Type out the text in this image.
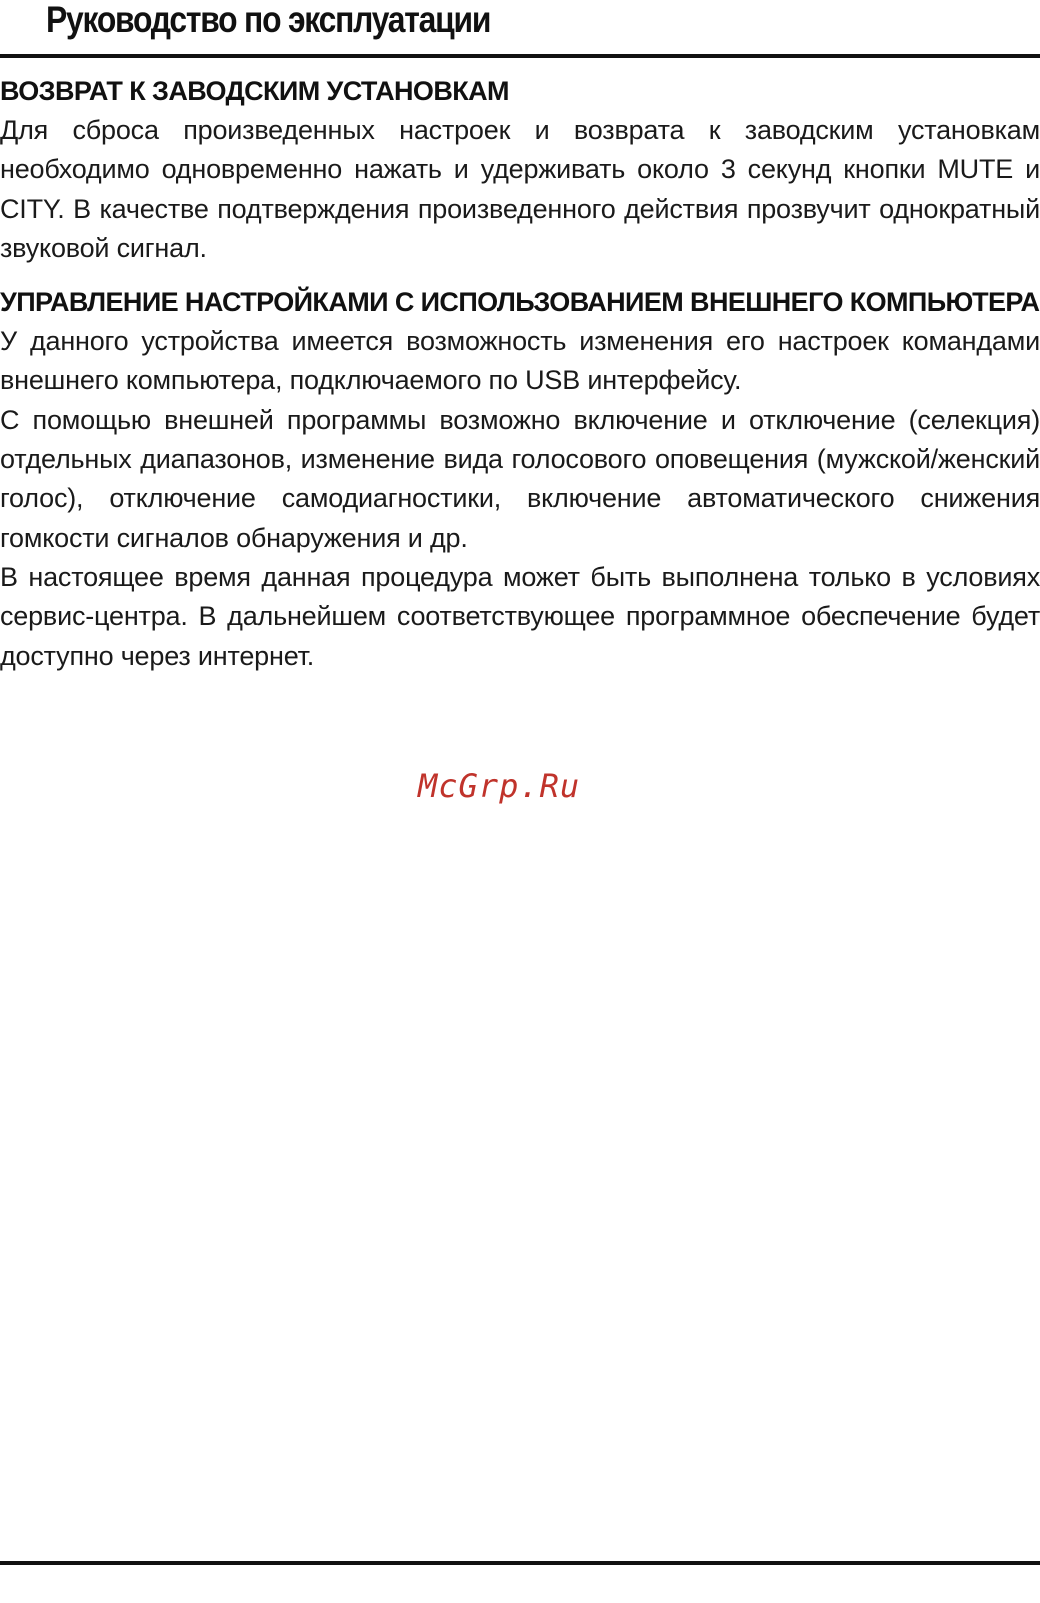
Руководство по эксплуатации
ВОЗВРАТ К ЗАВОДСКИМ УСТАНОВКАМ

Для сброса произведенных настроек и возврата к заводским установкам необходимо одновременно нажать и удерживать около 3 секунд кнопки MUTE и CITY. В качестве подтверждения произведенного действия прозвучит однократный звуковой сигнал.

УПРАВЛЕНИЕ НАСТРОЙКАМИ С ИСПОЛЬЗОВАНИЕМ ВНЕШНЕГО КОМПЬЮТЕРА

У данного устройства имеется возможность изменения его настроек командами внешнего компьютера, подключаемого по USB интерфейсу.

С помощью внешней программы возможно включение и отключение (селекция) отдельных диапазонов, изменение вида голосового оповещения (мужской/женский голос), отключение самодиагностики, включение автоматического снижения гомкости сигналов обнаружения и др.

В настоящее время данная процедура может быть выполнена только в условиях сервис-центра. В дальнейшем соответствующее программное обеспечение будет доступно через интернет.

McGrp.Ru
